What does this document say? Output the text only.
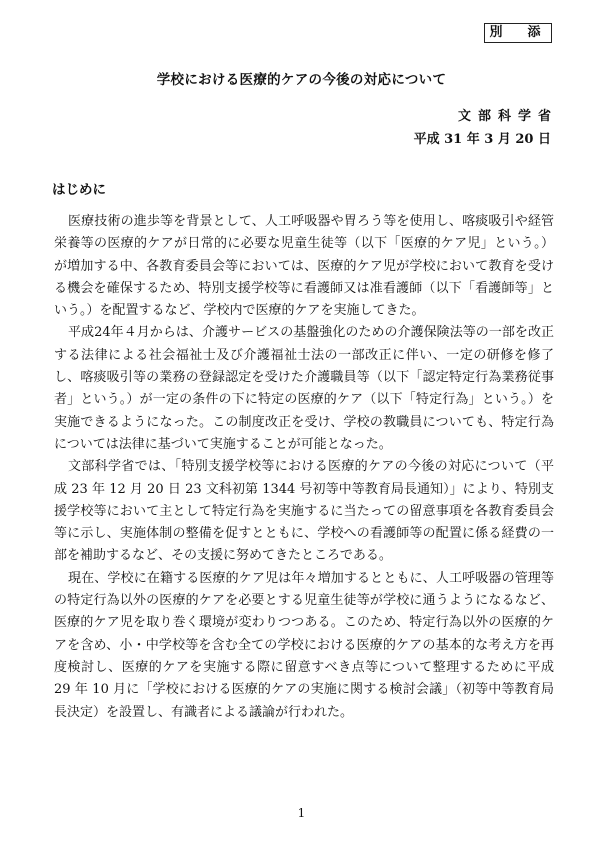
別　添
学校における医療的ケアの今後の対応について
文部科学省
平成 31 年 3 月 20 日
はじめに

医療技術の進歩等を背景として、人工呼吸器や胃ろう等を使用し、喀痰吸引や経管栄養等の医療的ケアが日常的に必要な児童生徒等（以下「医療的ケア児」という。）が増加する中、各教育委員会等においては、医療的ケア児が学校において教育を受ける機会を確保するため、特別支援学校等に看護師又は准看護師（以下「看護師等」という。）を配置するなど、学校内で医療的ケアを実施してきた。

平成24年４月からは、介護サービスの基盤強化のための介護保険法等の一部を改正する法律による社会福祉士及び介護福祉士法の一部改正に伴い、一定の研修を修了し、喀痰吸引等の業務の登録認定を受けた介護職員等（以下「認定特定行為業務従事者」という。）が一定の条件の下に特定の医療的ケア（以下「特定行為」という。）を実施できるようになった。この制度改正を受け、学校の教職員についても、特定行為については法律に基づいて実施することが可能となった。

文部科学省では、「特別支援学校等における医療的ケアの今後の対応について（平成 23 年 12 月 20 日 23 文科初第 1344 号初等中等教育局長通知）」により、特別支援学校等において主として特定行為を実施するに当たっての留意事項を各教育委員会等に示し、実施体制の整備を促すとともに、学校への看護師等の配置に係る経費の一部を補助するなど、その支援に努めてきたところである。

現在、学校に在籍する医療的ケア児は年々増加するとともに、人工呼吸器の管理等の特定行為以外の医療的ケアを必要とする児童生徒等が学校に通うようになるなど、医療的ケア児を取り巻く環境が変わりつつある。このため、特定行為以外の医療的ケアを含め、小・中学校等を含む全ての学校における医療的ケアの基本的な考え方を再度検討し、医療的ケアを実施する際に留意すべき点等について整理するために平成 29 年 10 月に「学校における医療的ケアの実施に関する検討会議」（初等中等教育局長決定）を設置し、有識者による議論が行われた。

1
